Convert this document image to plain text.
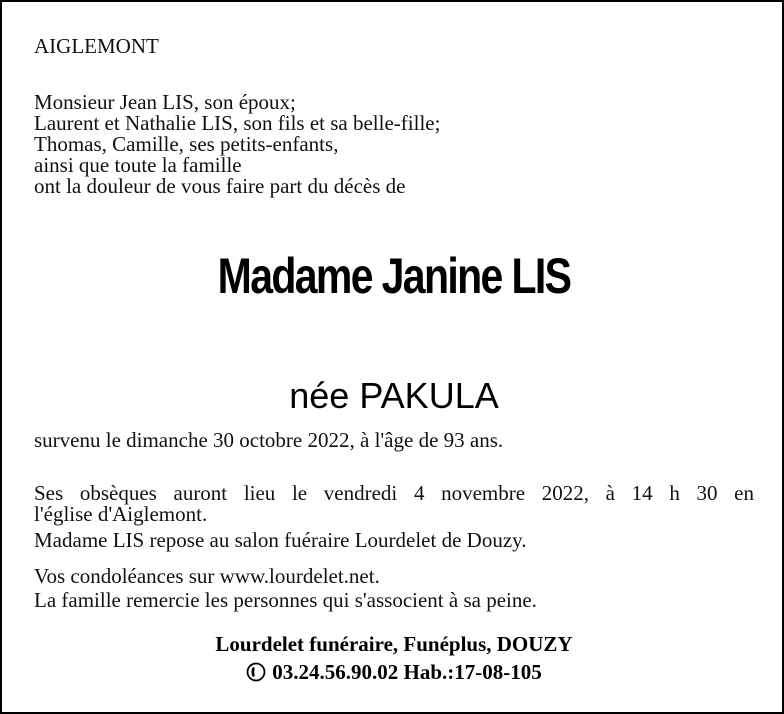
AIGLEMONT
Monsieur Jean LIS, son époux;
Laurent et Nathalie LIS, son fils et sa belle-fille;
Thomas, Camille, ses petits-enfants,
ainsi que toute la famille
ont la douleur de vous faire part du décès de
Madame Janine LIS
née PAKULA
survenu le dimanche 30 octobre 2022, à l'âge de 93 ans.
Ses obsèques auront lieu le vendredi 4 novembre 2022, à 14 h 30 en
l'église d'Aiglemont.
Madame LIS repose au salon fuéraire Lourdelet de Douzy.
Vos condoléances sur www.lourdelet.net.
La famille remercie les personnes qui s'associent à sa peine.
Lourdelet funéraire, Funéplus, DOUZY
03.24.56.90.02 Hab.:17-08-105
